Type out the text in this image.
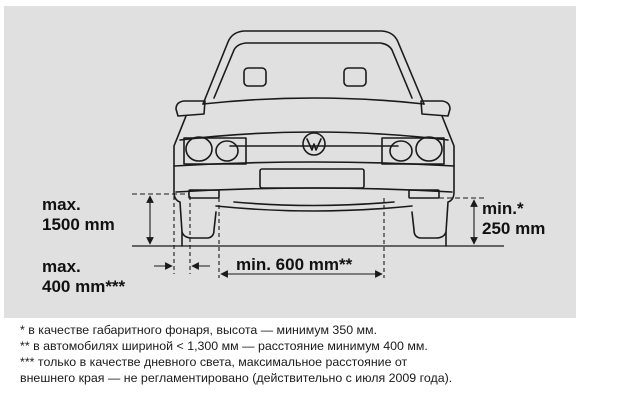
max.
1500 mm
min.*
250 mm
max.
400 mm***
min. 600 mm**
* в качестве габаритного фонаря, высота — минимум 350 мм.
** в автомобилях шириной < 1,300 мм — расстояние минимум 400 мм.
*** только в качестве дневного света, максимальное расстояние от
внешнего края — не регламентировано (действительно с июля 2009 года).
